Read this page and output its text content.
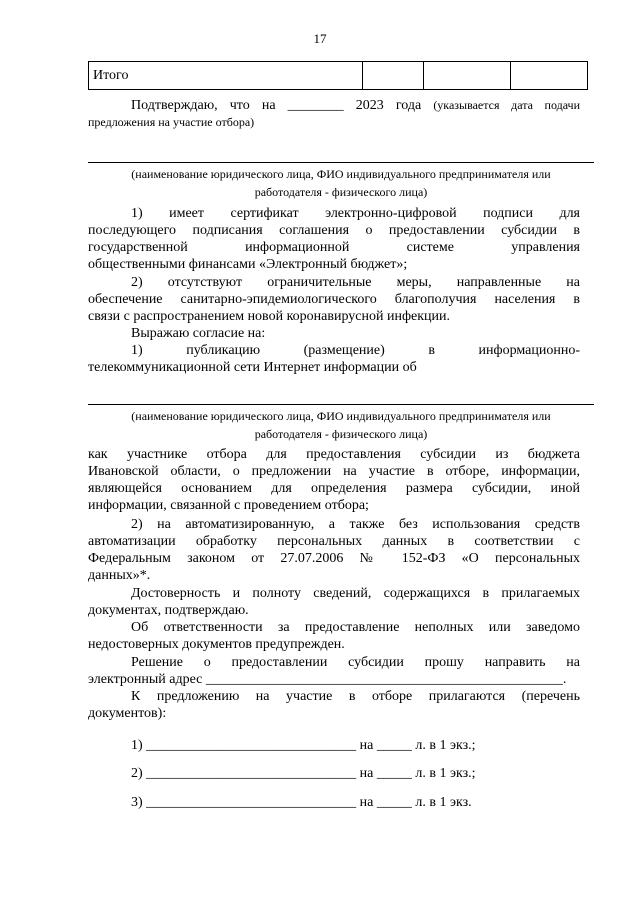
17
Итого			
Подтверждаю, что на ________ 2023 года (указывается дата подачи
предложения на участие отбора)
(наименование юридического лица, ФИО индивидуального предпринимателя или
работодателя - физического лица)
1) имеет сертификат электронно-цифровой подписи для
последующего подписания соглашения о предоставлении субсидии в
государственной информационной системе управления
общественными финансами «Электронный бюджет»;
2) отсутствуют ограничительные меры, направленные на
обеспечение санитарно-эпидемиологического благополучия населения в
связи с распространением новой коронавирусной инфекции.
Выражаю согласие на:
1) публикацию (размещение) в информационно-
телекоммуникационной сети Интернет информации об
(наименование юридического лица, ФИО индивидуального предпринимателя или
работодателя - физического лица)
как участнике отбора для предоставления субсидии из бюджета
Ивановской области, о предложении на участие в отборе, информации,
являющейся основанием для определения размера субсидии, иной
информации, связанной с проведением отбора;
2) на автоматизированную, а также без использования средств
автоматизации обработку персональных данных в соответствии с
Федеральным законом от 27.07.2006 № 152-ФЗ «О персональных
данных»*.
Достоверность и полноту сведений, содержащихся в прилагаемых
документах, подтверждаю.
Об ответственности за предоставление неполных или заведомо
недостоверных документов предупрежден.
Решение о предоставлении субсидии прошу направить на
электронный адрес ___________________________________________________.
К предложению на участие в отборе прилагаются (перечень
документов):
1) ______________________________ на _____ л. в 1 экз.;
2) ______________________________ на _____ л. в 1 экз.;
3) ______________________________ на _____ л. в 1 экз.
